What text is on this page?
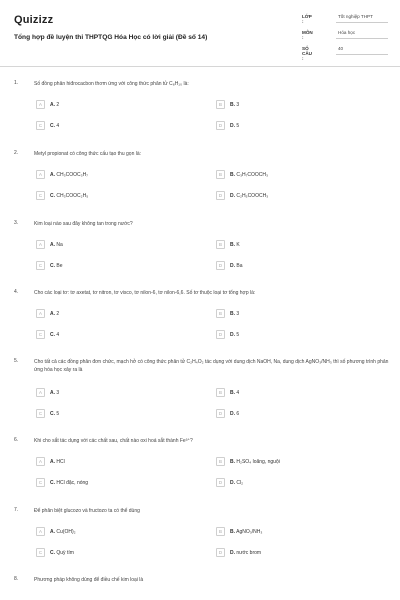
Quizizz
Tổng hợp đề luyện thi THPTQG Hóa Học có lời giải (Đề số 14)
LỚP :
Tốt nghiệp THPT
MÔN :
Hóa học
SỐ CÂU :
40
1.	Số đồng phân hiđrocacbon thơm ứng với công thức phân tử C₈H₁₀ là:
A	A. 2	B	B. 3
C	C. 4	D	D. 5
2.	Metyl propionat có công thức cấu tạo thu gọn là:
A	A. CH₃COOC₃H₇	B	B. C₃H₇COOCH₃
C	C. CH₃COOC₂H₅	D	D. C₂H₅COOCH₃
3.	Kim loại nào sau đây không tan trong nước?
A	A. Na	B	B. K
C	C. Be	D	D. Ba
4.	Cho các loại tơ: tơ axetat, tơ nitron, tơ visco, tơ nilon-6, tơ nilon-6,6. Số tơ thuộc loại tơ tổng hợp là:
A	A. 2	B	B. 3
C	C. 4	D	D. 5
5.	Cho tất cả các đồng phân đơn chức, mạch hở có công thức phân tử C₂H₄O₂ tác dụng với dung dịch NaOH, Na, dung dịch AgNO₃/NH₃ thì số phương trình phản ứng hóa học xảy ra là
A	A. 3	B	B. 4
C	C. 5	D	D. 6
6.	Khi cho sắt tác dụng với các chất sau, chất nào oxi hoá sắt thành Fe³⁺?
A	A. HCl	B	B. H₂SO₄ loãng, nguội
C	C. HCl đặc, nóng	D	D. Cl₂
7.	Để phân biệt glucozo và fructozo ta có thể dùng
A	A. Cu(OH)₂	B	B. AgNO₃/NH₃
C	C. Quỳ tím	D	D. nước brom
8.	Phương pháp không dùng để điều chế kim loại là
